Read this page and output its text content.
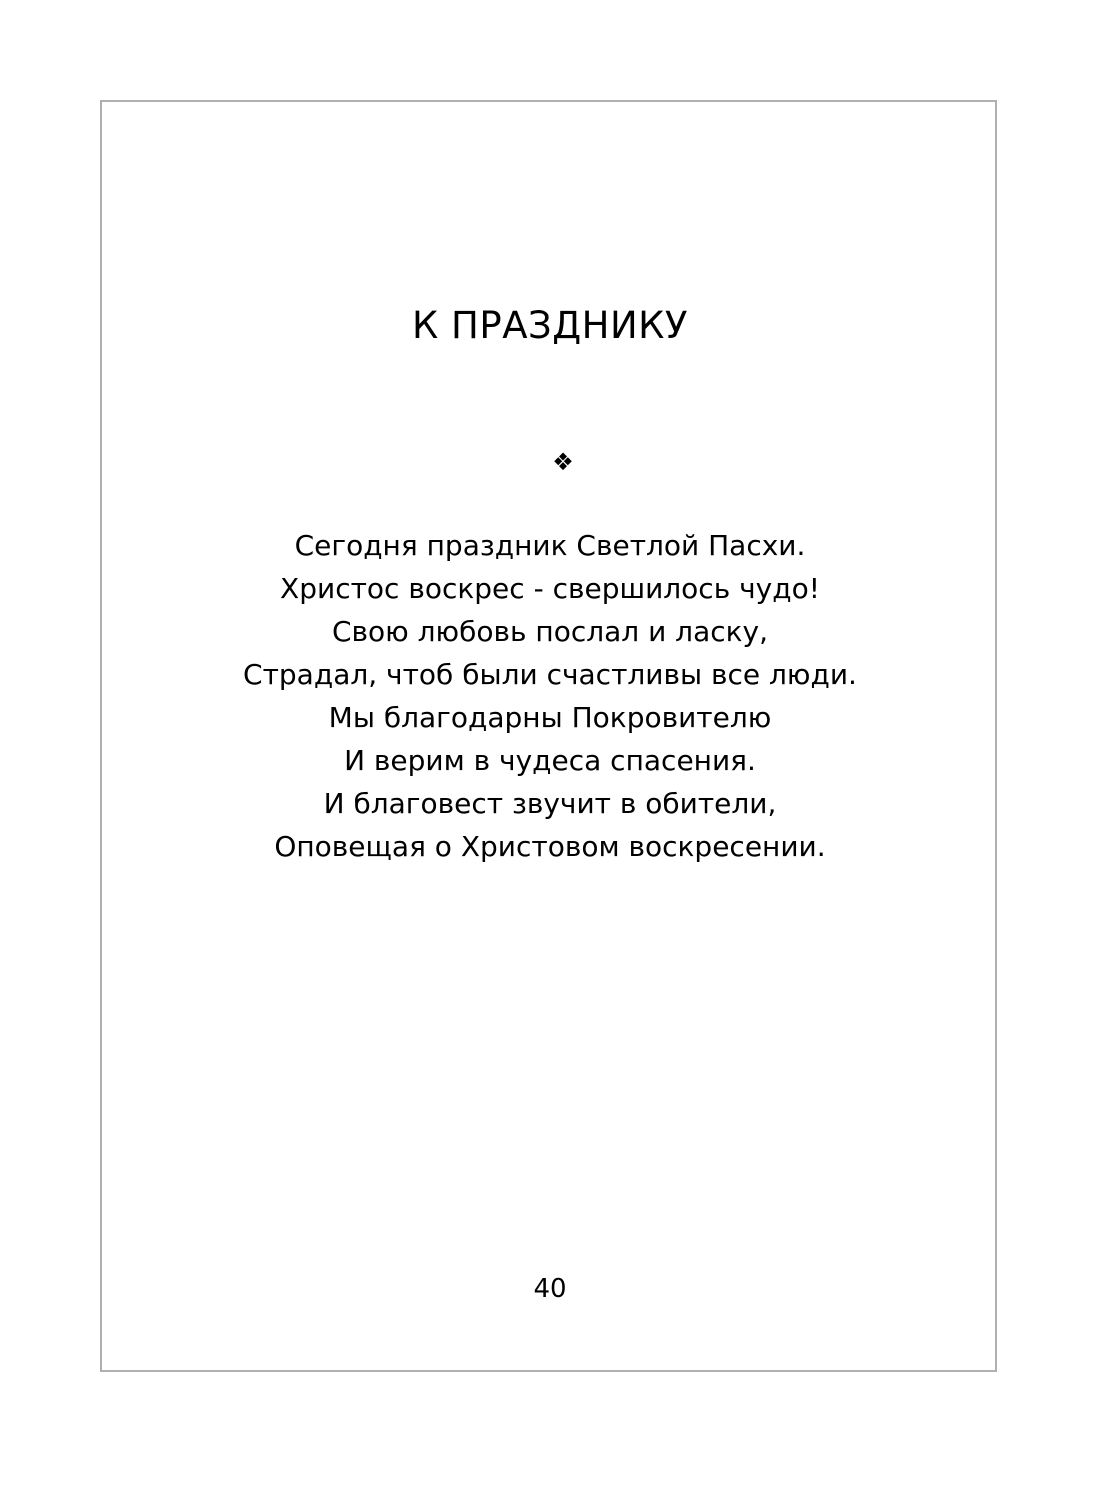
К ПРАЗДНИКУ
❖
Сегодня праздник Светлой Пасхи.
Христос воскрес - свершилось чудо!
Свою любовь послал и ласку,
Страдал, чтоб были счастливы все люди.
Мы благодарны Покровителю
И верим в чудеса спасения.
И благовест звучит в обители,
Оповещая о Христовом воскресении.
40
